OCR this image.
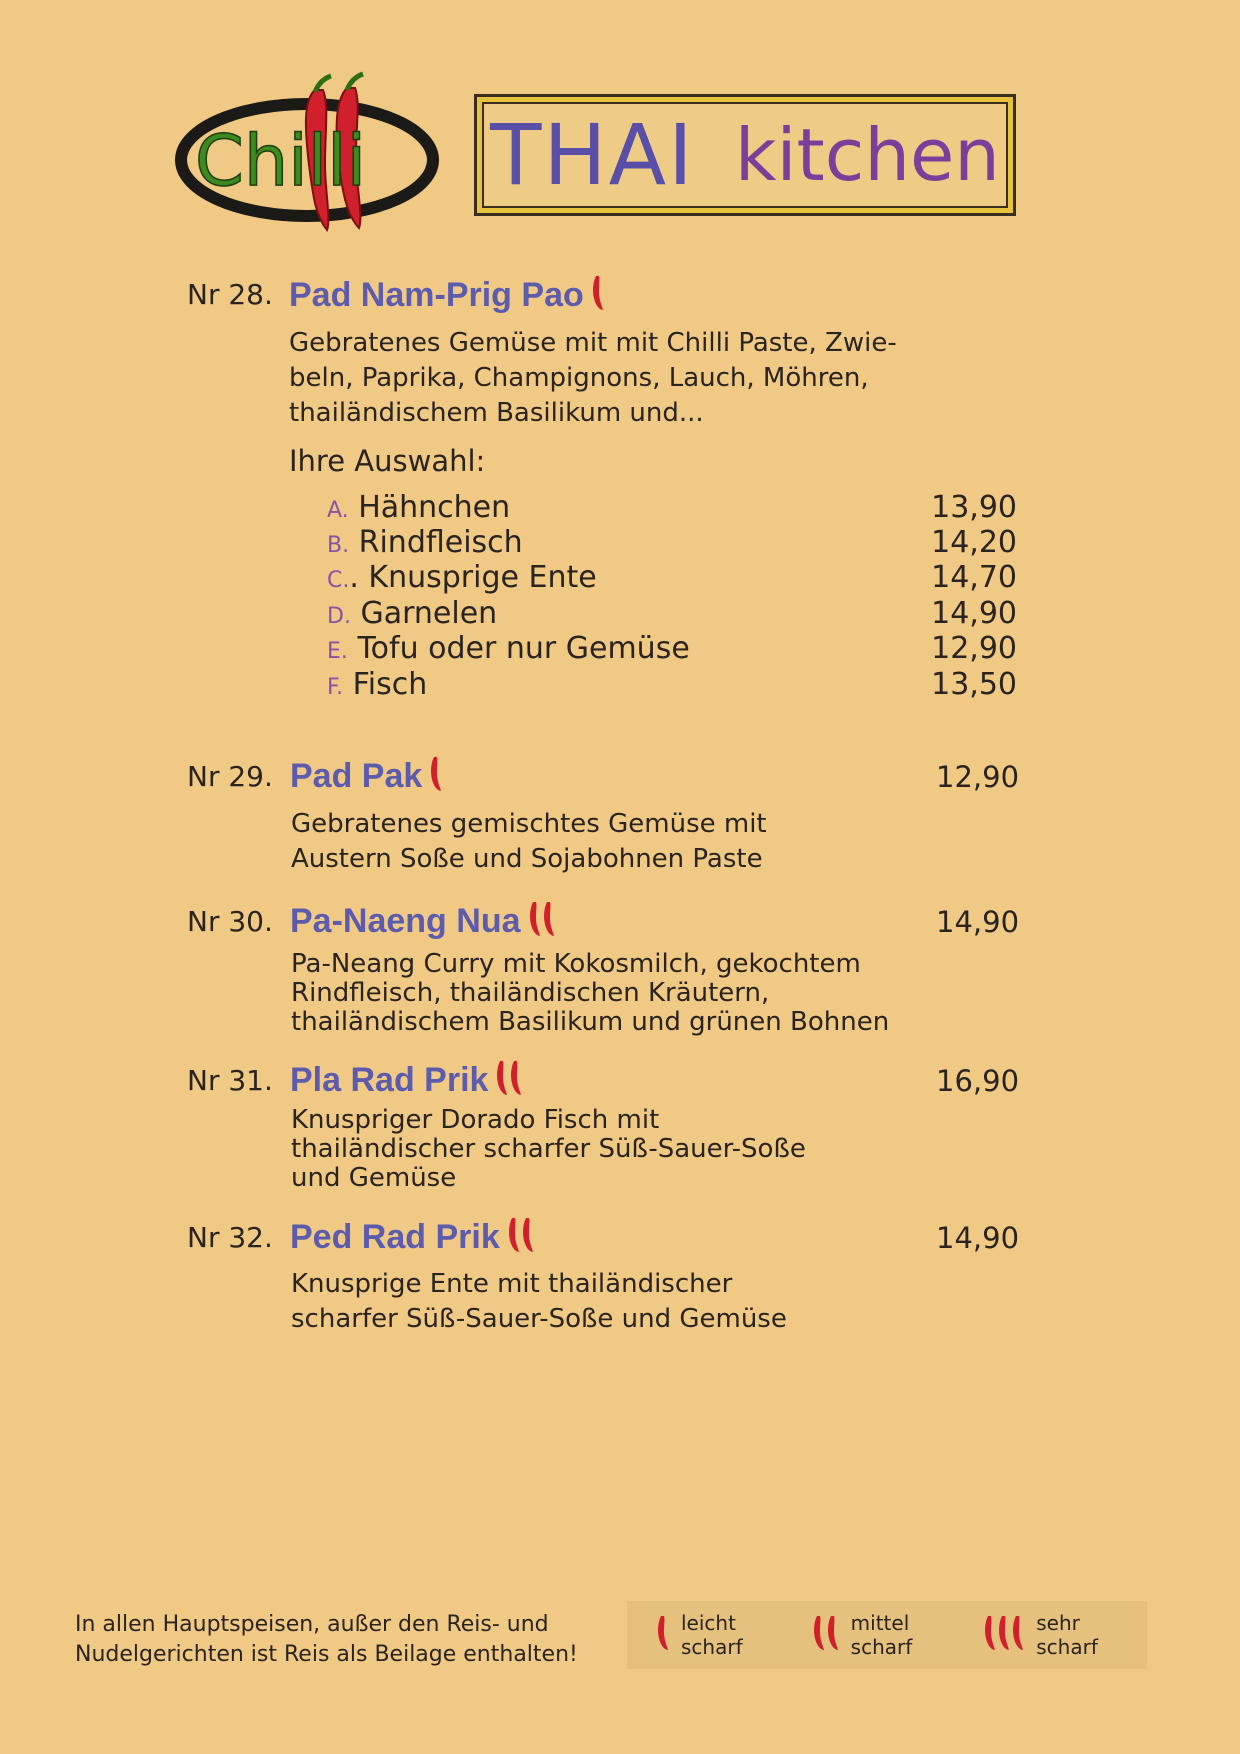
Chilli THAI kitchen
Nr 28. Pad Nam-Prig Pao
Gebratenes Gemüse mit mit Chilli Paste, Zwie-
beln, Paprika, Champignons, Lauch, Möhren,
thailändischem Basilikum und...
Ihre Auswahl:
A. Hähnchen	13,90
B. Rindfleisch	14,20
C.. Knusprige Ente	14,70
D. Garnelen	14,90
E. Tofu oder nur Gemüse	12,90
F. Fisch	13,50
Nr 29. Pad Pak	12,90
Gebratenes gemischtes Gemüse mit
Austern Soße und Sojabohnen Paste
Nr 30. Pa-Naeng Nua	14,90
Pa-Neang Curry mit Kokosmilch, gekochtem
Rindfleisch, thailändischen Kräutern,
thailändischem Basilikum und grünen Bohnen
Nr 31. Pla Rad Prik	16,90
Knuspriger Dorado Fisch mit
thailändischer scharfer Süß-Sauer-Soße
und Gemüse
Nr 32. Ped Rad Prik	14,90
Knusprige Ente mit thailändischer
scharfer Süß-Sauer-Soße und Gemüse
In allen Hauptspeisen, außer den Reis- und
Nudelgerichten ist Reis als Beilage enthalten!
leicht scharf
mittel scharf
sehr scharf
